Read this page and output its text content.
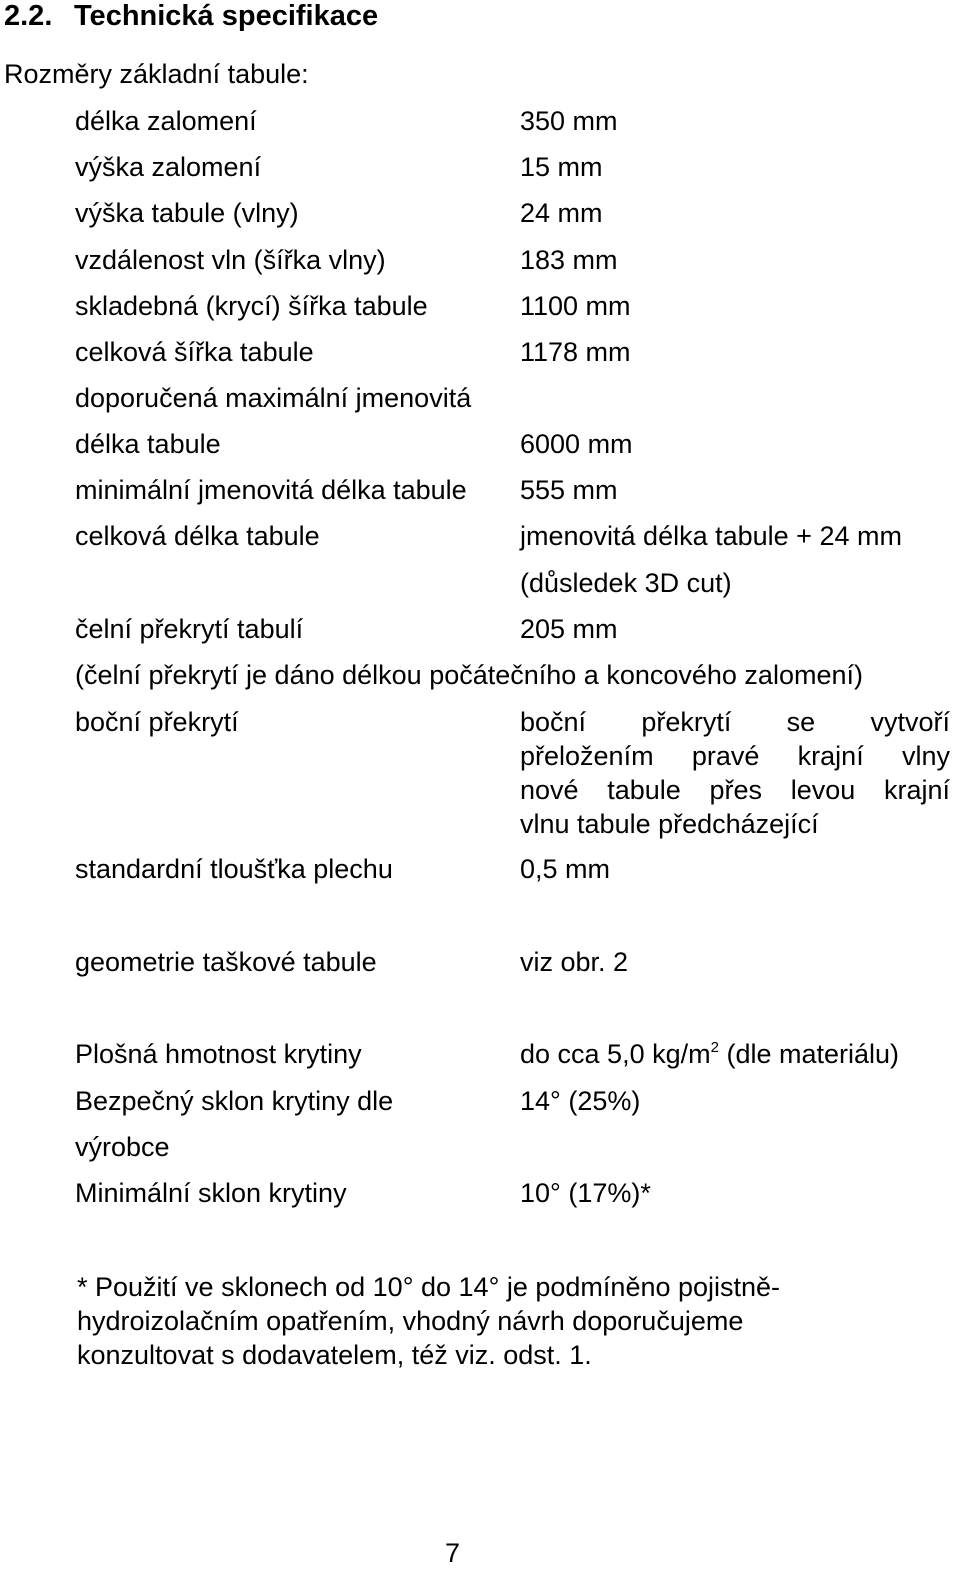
2.2. Technická specifikace
Rozměry základní tabule:
délka zalomení	350 mm
výška zalomení	15 mm
výška tabule (vlny)	24 mm
vzdálenost vln (šířka vlny)	183 mm
skladebná (krycí) šířka tabule	1100 mm
celková šířka tabule	1178 mm
doporučená maximální jmenovitá
délka tabule	6000 mm
minimální jmenovitá délka tabule 555 mm
celková délka tabule	jmenovitá délka tabule + 24 mm
(důsledek 3D cut)
čelní překrytí tabulí	205 mm
(čelní překrytí je dáno délkou počátečního a koncového zalomení)
boční překrytí	boční překrytí se vytvoří
přeložením pravé krajní vlny
nové tabule přes levou krajní
vlnu tabule předcházející
standardní tloušťka plechu	0,5 mm
geometrie taškové tabule	viz obr. 2
Plošná hmotnost krytiny	do cca 5,0 $kg/m^2$ (dle materiálu)
Bezpečný sklon krytiny dle	14° (25%)
výrobce
Minimální sklon krytiny	10° (17%)*
* Použití ve sklonech od 10° do 14° je podmíněno pojistně-
hydroizolačním opatřením, vhodný návrh doporučujeme
konzultovat s dodavatelem, též viz. odst. 1.
7
